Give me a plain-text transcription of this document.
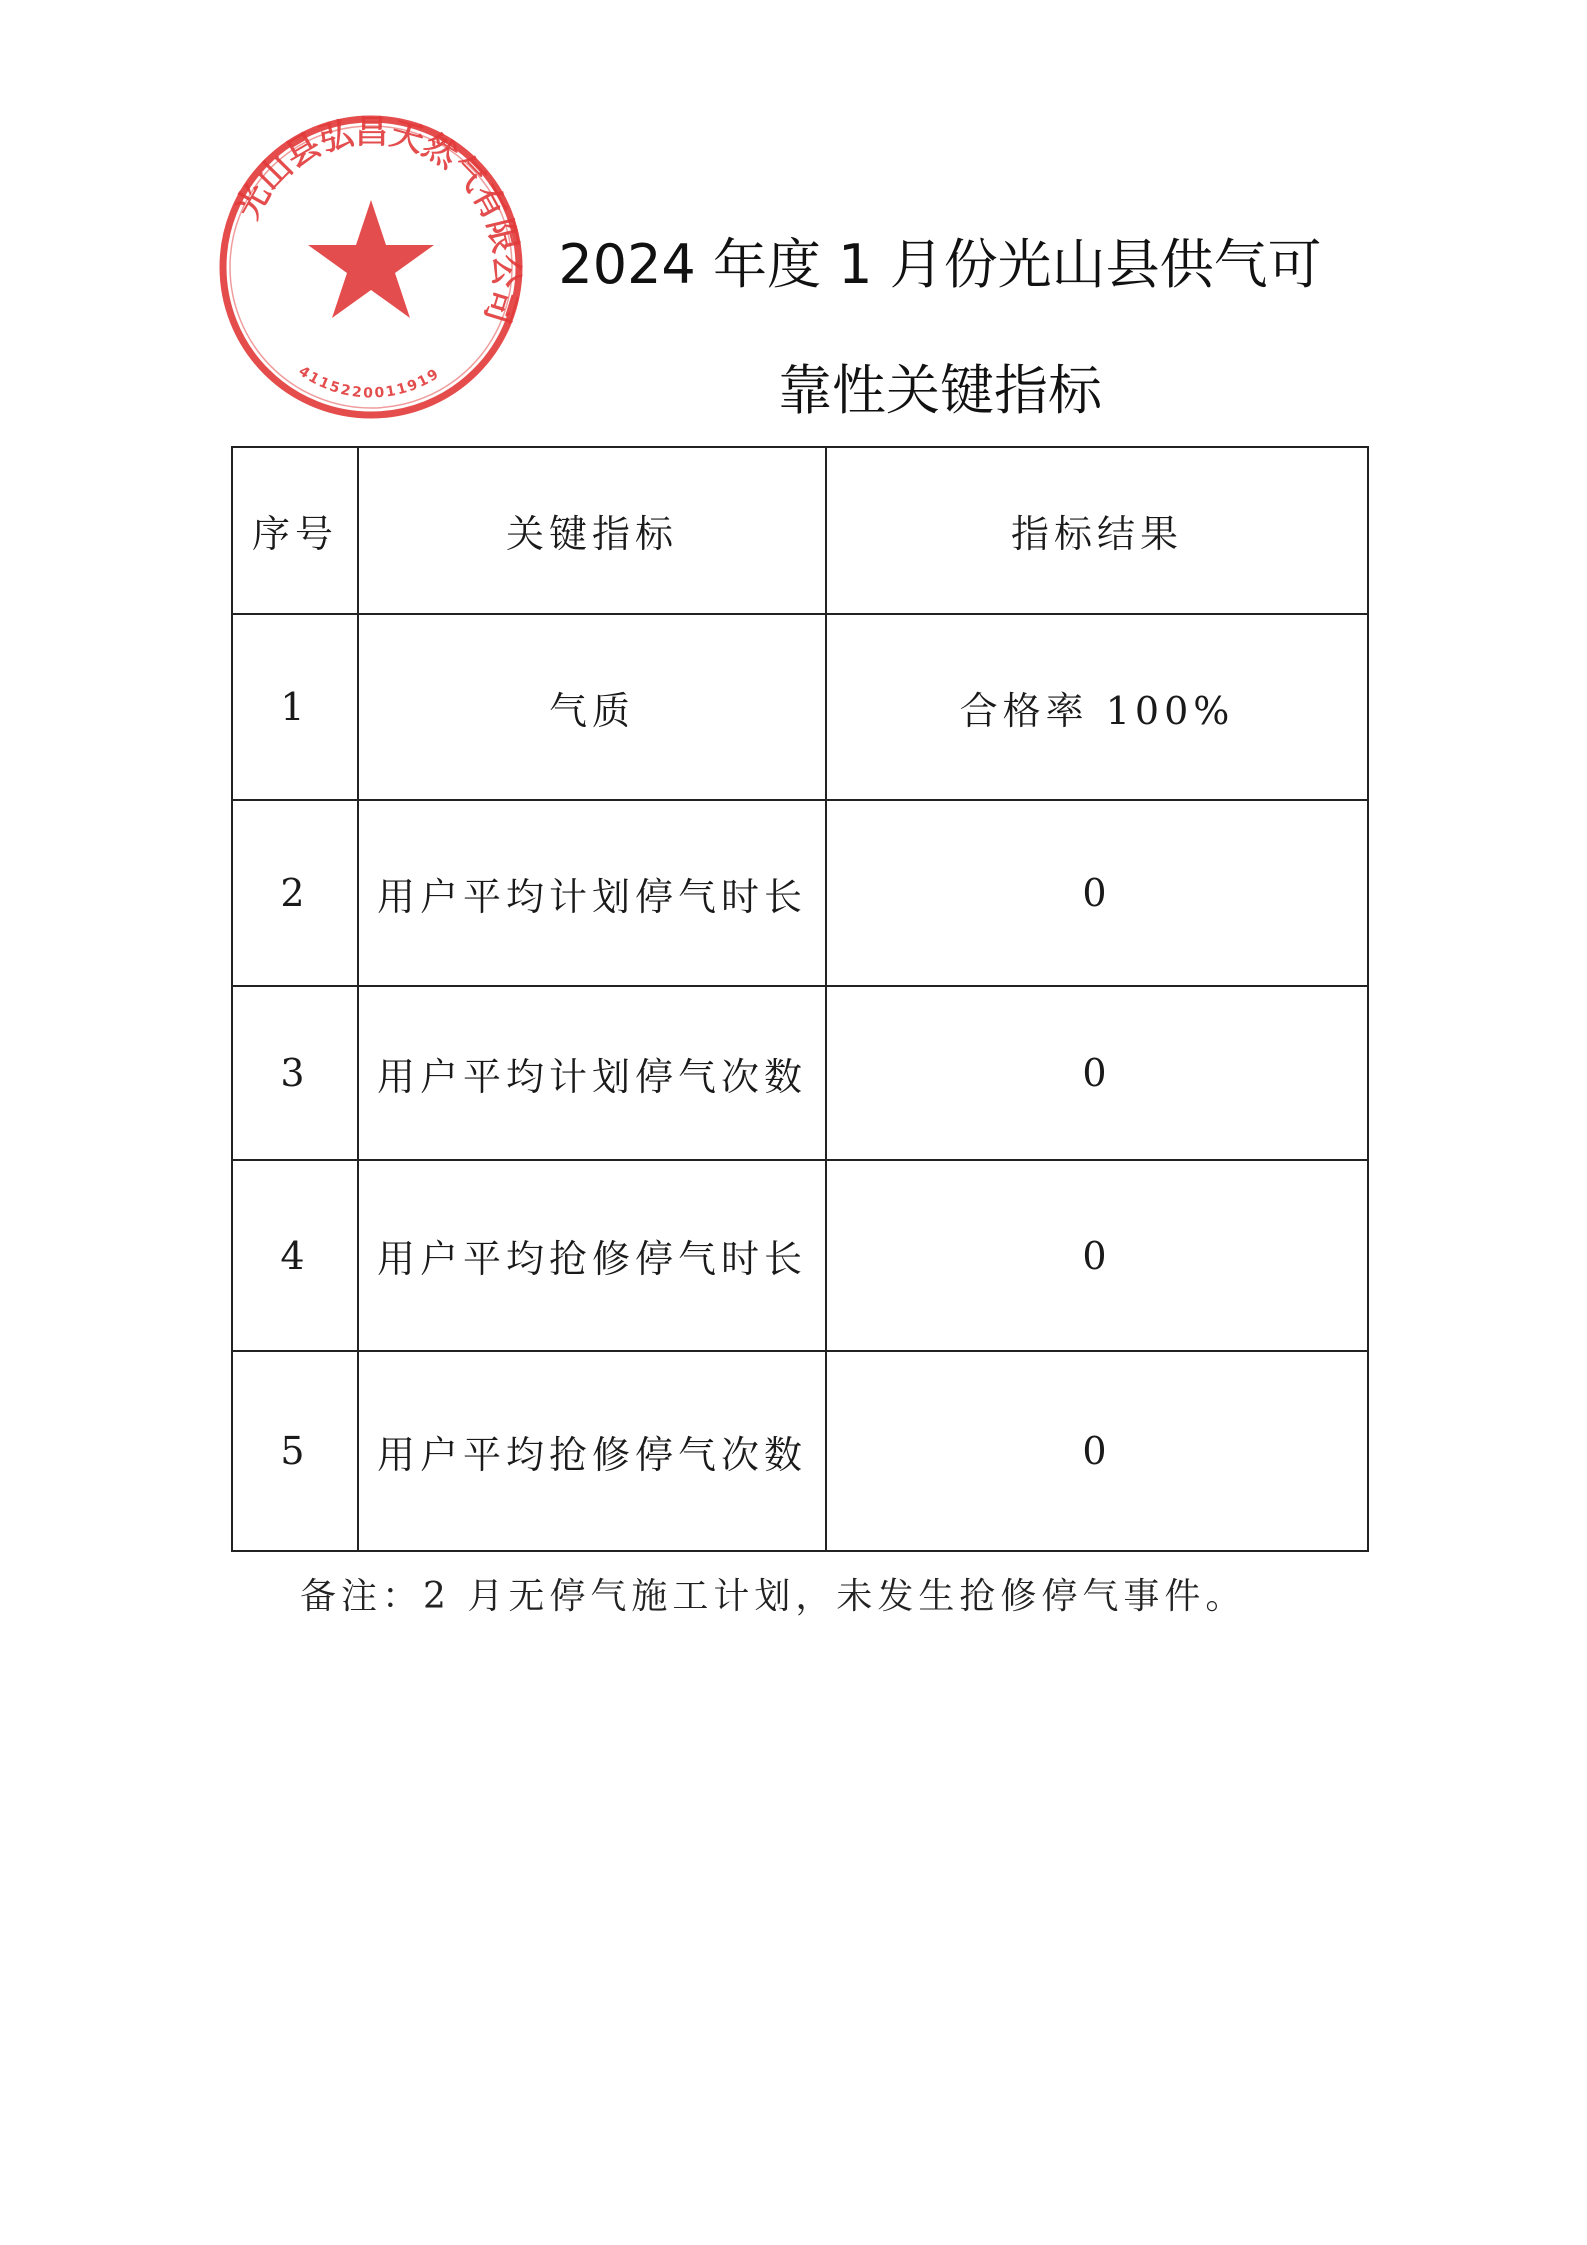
光山县弘昌天然气有限公司
4115220011919
2024 年度 1 月份光山县供气可
靠性关键指标
序号	关键指标	指标结果
1	气质	合格率 100%
2	用户平均计划停气时长	0
3	用户平均计划停气次数	0
4	用户平均抢修停气时长	0
5	用户平均抢修停气次数	0
备注：2 月无停气施工计划，未发生抢修停气事件。
